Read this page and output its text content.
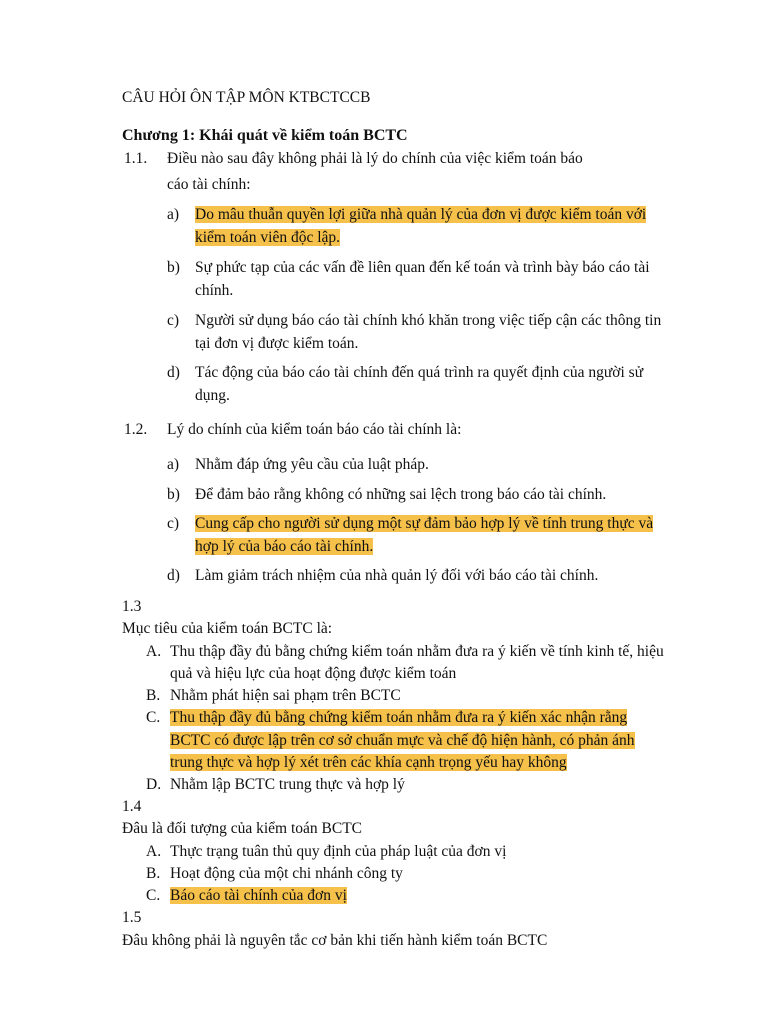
CÂU HỎI ÔN TẬP MÔN KTBCTCCB
Chương 1: Khái quát về kiểm toán BCTC
1.1. Điều nào sau đây không phải là lý do chính của việc kiểm toán báo
cáo tài chính:
a) Do mâu thuẫn quyền lợi giữa nhà quản lý của đơn vị được kiểm toán với
kiểm toán viên độc lập.
b) Sự phức tạp của các vấn đề liên quan đến kế toán và trình bày báo cáo tài
chính.
c) Người sử dụng báo cáo tài chính khó khăn trong việc tiếp cận các thông tin
tại đơn vị được kiểm toán.
d) Tác động của báo cáo tài chính đến quá trình ra quyết định của người sử
dụng.
1.2. Lý do chính của kiểm toán báo cáo tài chính là:
a) Nhằm đáp ứng yêu cầu của luật pháp.
b) Để đảm bảo rằng không có những sai lệch trong báo cáo tài chính.
c) Cung cấp cho người sử dụng một sự đảm bảo hợp lý về tính trung thực và
hợp lý của báo cáo tài chính.
d) Làm giảm trách nhiệm của nhà quản lý đối với báo cáo tài chính.
1.3
Mục tiêu của kiểm toán BCTC là:
A. Thu thập đầy đủ bằng chứng kiểm toán nhằm đưa ra ý kiến về tính kinh tế, hiệu
quả và hiệu lực của hoạt động được kiểm toán
B. Nhằm phát hiện sai phạm trên BCTC
C. Thu thập đầy đủ bằng chứng kiểm toán nhằm đưa ra ý kiến xác nhận rằng
BCTC có được lập trên cơ sở chuẩn mực và chế độ hiện hành, có phản ánh
trung thực và hợp lý xét trên các khía cạnh trọng yếu hay không
D. Nhằm lập BCTC trung thực và hợp lý
1.4
Đâu là đối tượng của kiểm toán BCTC
A. Thực trạng tuân thủ quy định của pháp luật của đơn vị
B. Hoạt động của một chi nhánh công ty
C. Báo cáo tài chính của đơn vị
1.5
Đâu không phải là nguyên tắc cơ bản khi tiến hành kiểm toán BCTC
